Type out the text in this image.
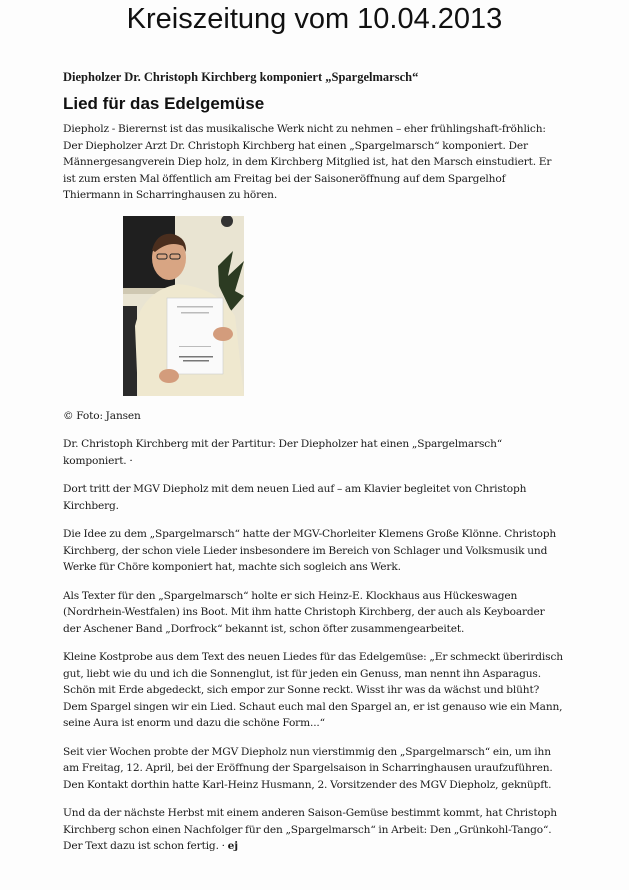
Kreiszeitung vom 10.04.2013
Diepholzer Dr. Christoph Kirchberg komponiert „Spargelmarsch“
Lied für das Edelgemüse

Diepholz - Bierernst ist das musikalische Werk nicht zu nehmen – eher frühlingshaft-fröhlich: Der Diepholzer Arzt Dr. Christoph Kirchberg hat einen „Spargelmarsch“ komponiert. Der Männergesangverein Diep holz, in dem Kirchberg Mitglied ist, hat den Marsch einstudiert. Er ist zum ersten Mal öffentlich am Freitag bei der Saisoneröffnung auf dem Spargelhof Thiermann in Scharringhausen zu hören.

© Foto: Jansen

Dr. Christoph Kirchberg mit der Partitur: Der Diepholzer hat einen „Spargelmarsch“ komponiert. ·

Dort tritt der MGV Diepholz mit dem neuen Lied auf – am Klavier begleitet von Christoph Kirchberg.

Die Idee zu dem „Spargelmarsch“ hatte der MGV-Chorleiter Klemens Große Klönne. Christoph Kirchberg, der schon viele Lieder insbesondere im Bereich von Schlager und Volksmusik und Werke für Chöre komponiert hat, machte sich sogleich ans Werk.

Als Texter für den „Spargelmarsch“ holte er sich Heinz-E. Klockhaus aus Hückeswagen (Nordrhein-Westfalen) ins Boot. Mit ihm hatte Christoph Kirchberg, der auch als Keyboarder der Aschener Band „Dorfrock“ bekannt ist, schon öfter zusammengearbeitet.

Kleine Kostprobe aus dem Text des neuen Liedes für das Edelgemüse: „Er schmeckt überirdisch gut, liebt wie du und ich die Sonnenglut, ist für jeden ein Genuss, man nennt ihn Asparagus. Schön mit Erde abgedeckt, sich empor zur Sonne reckt. Wisst ihr was da wächst und blüht? Dem Spargel singen wir ein Lied. Schaut euch mal den Spargel an, er ist genauso wie ein Mann, seine Aura ist enorm und dazu die schöne Form...“

Seit vier Wochen probte der MGV Diepholz nun vierstimmig den „Spargelmarsch“ ein, um ihn am Freitag, 12. April, bei der Eröffnung der Spargelsaison in Scharringhausen uraufzuführen. Den Kontakt dorthin hatte Karl-Heinz Husmann, 2. Vorsitzender des MGV Diepholz, geknüpft.

Und da der nächste Herbst mit einem anderen Saison-Gemüse bestimmt kommt, hat Christoph Kirchberg schon einen Nachfolger für den „Spargelmarsch“ in Arbeit: Den „Grünkohl-Tango“. Der Text dazu ist schon fertig. · ej
